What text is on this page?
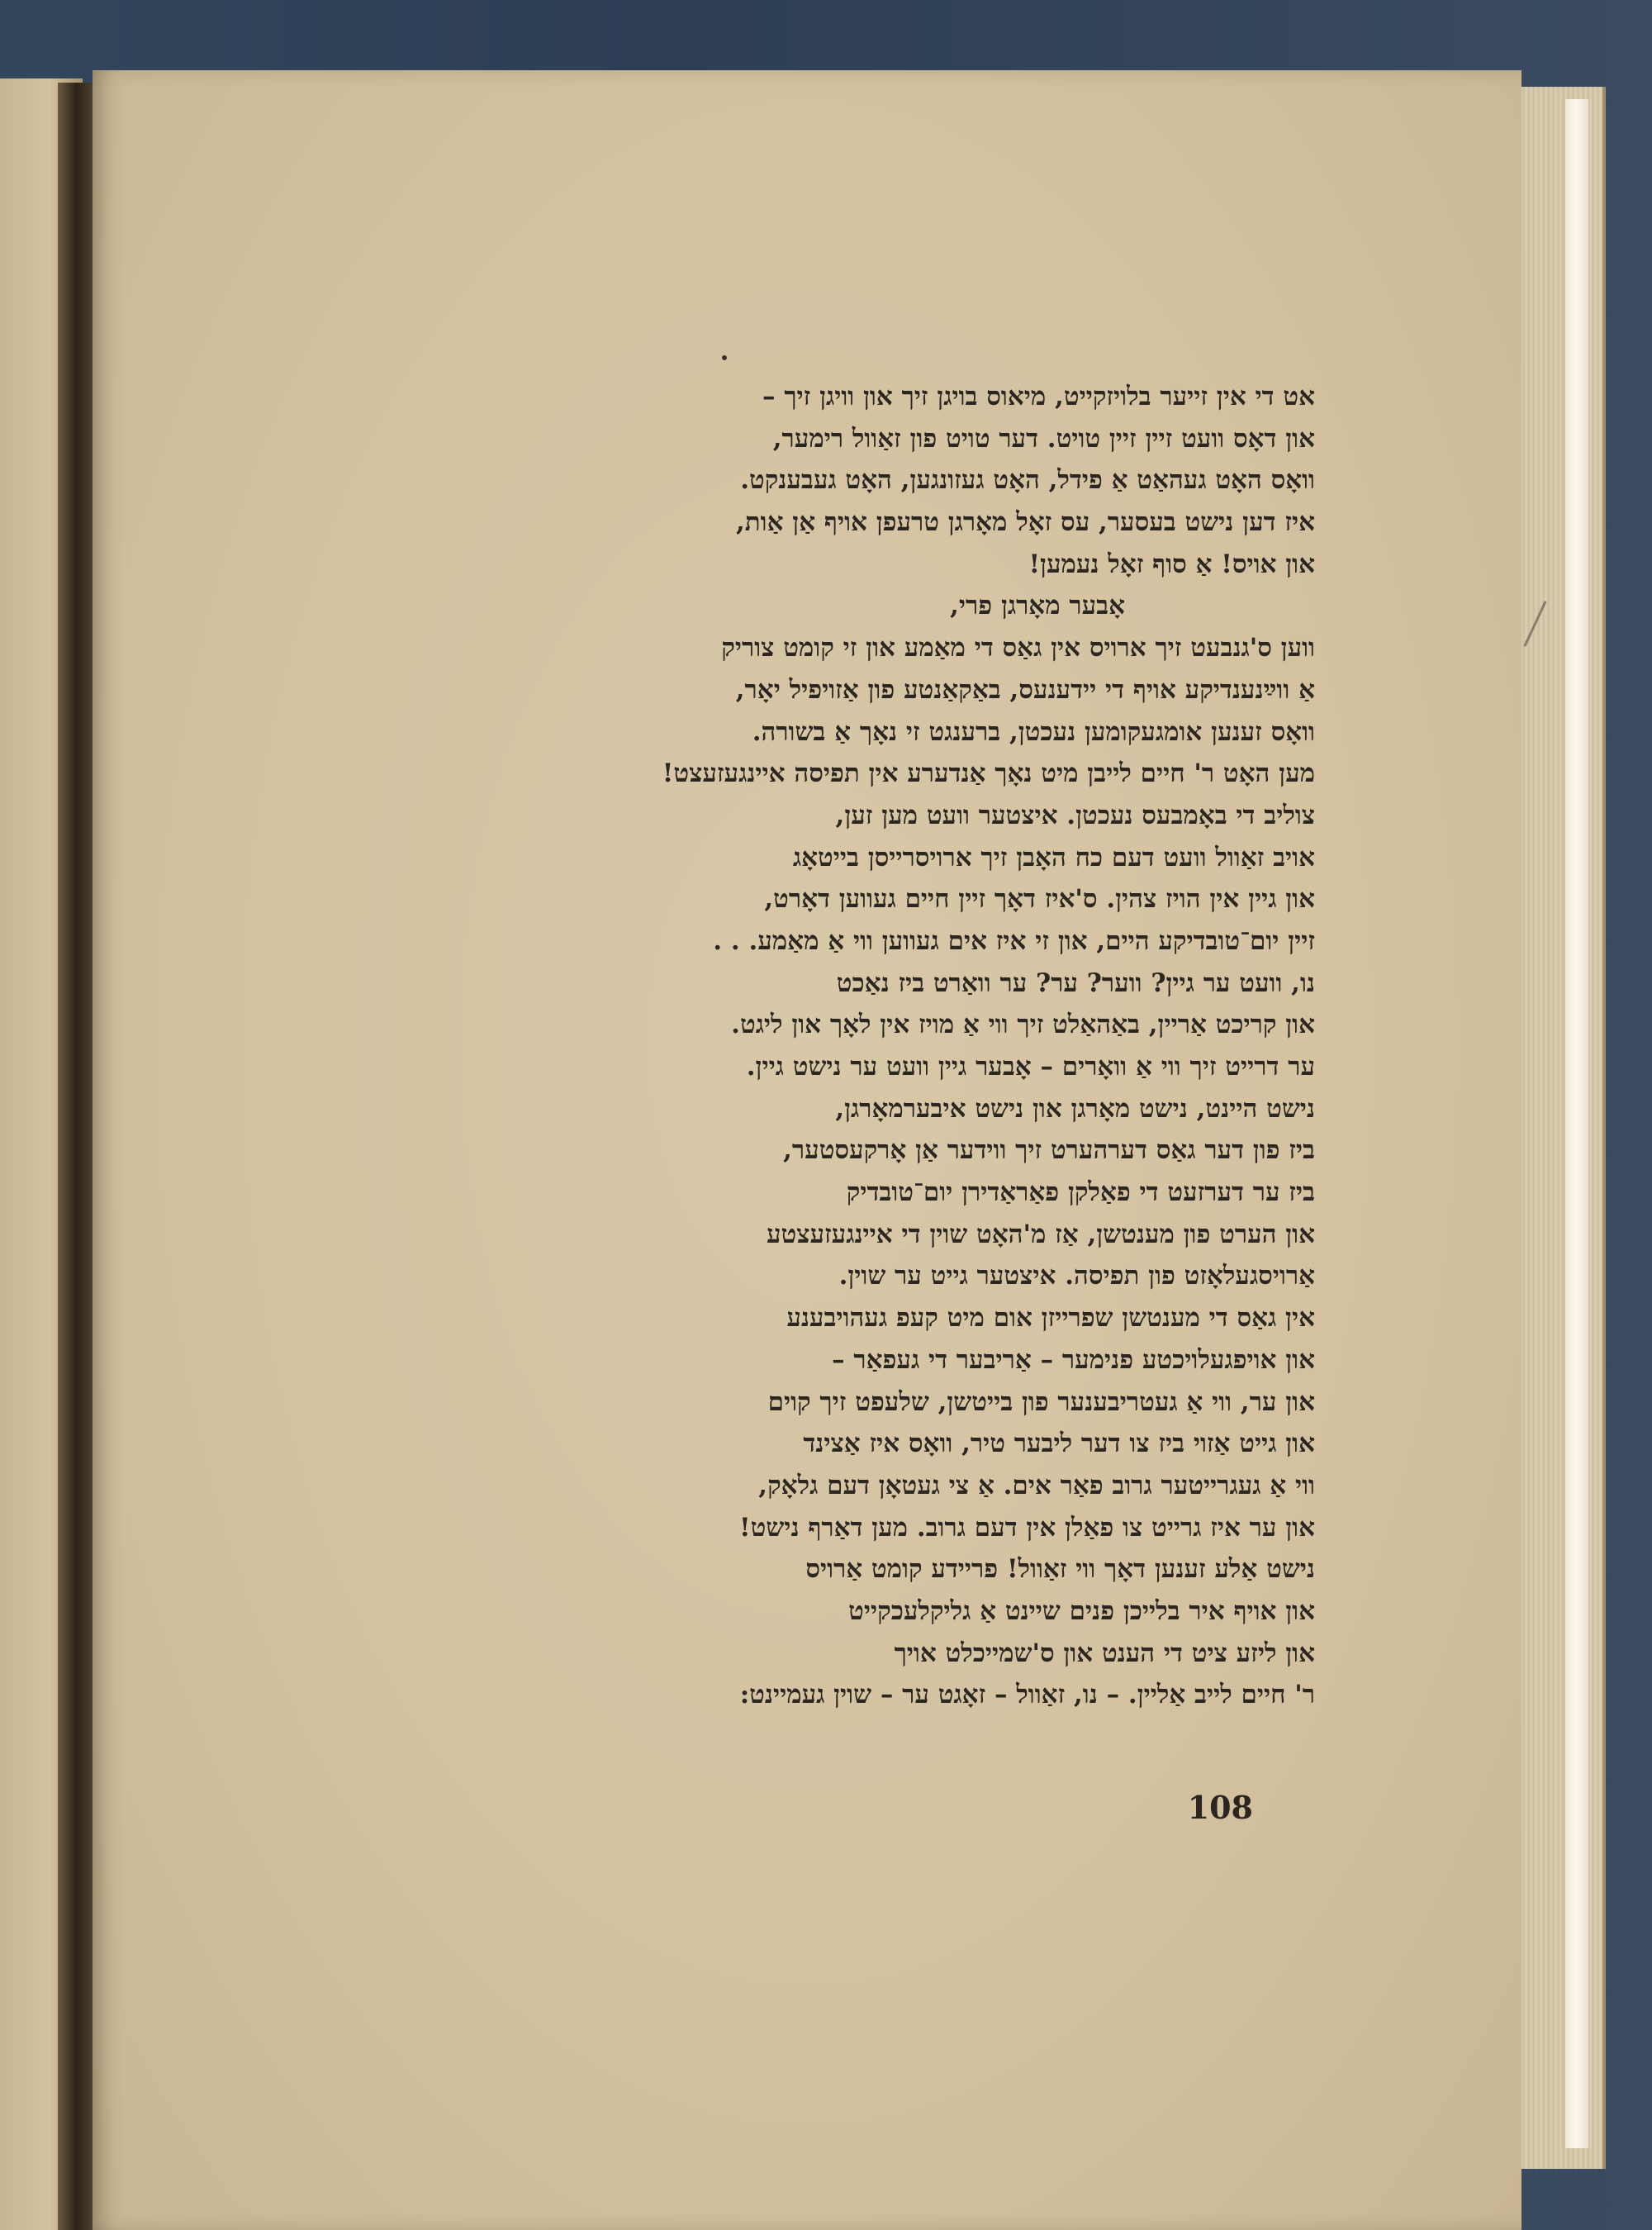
אט די אין זייער בלויזקייט, מיאוס בויגן זיך און וויגן זיך –
און דאָס וועט זיין זיין טויט. דער טויט פון זאַוול רימער,
וואָס האָט געהאַט אַ פידל, האָט געזונגען, האָט געבענקט.
איז דען נישט בעסער, עס זאָל מאָרגן טרעפן אויף אַן אַות,
און אויס! אַ סוף זאָל נעמען!
אָבער מאָרגן פרי,
ווען ס'גנבעט זיך ארויס אין גאַס די מאַמע און זי קומט צוריק
אַ ווײַנענדיקע אויף די יידענעס, באַקאַנטע פון אַזויפיל יאָר,
וואָס זענען אומגעקומען נעכטן, ברענגט זי נאָך אַ בשורה.
מען האָט ר' חיים לייבן מיט נאָך אַנדערע אין תפיסה איינגעזעצט!
צוליב די באָמבעס נעכטן. איצטער וועט מען זען,
אויב זאַוול וועט דעם כח האָבן זיך ארויסרייסן בייטאָג
און גיין אין הויז צהין. ס'איז דאָך זיין חיים געווען דאָרט,
זיין יום־טובדיקע היים, און זי איז אים געווען ווי אַ מאַמע. . .
נו, וועט ער גיין? ווער? ער? ער וואַרט ביז נאַכט
און קריכט אַריין, באַהאַלט זיך ווי אַ מויז אין לאָך און ליגט.
ער דרייט זיך ווי אַ וואָרים – אָבער גיין וועט ער נישט גיין.
נישט היינט, נישט מאָרגן און נישט איבערמאָרגן,
ביז פון דער גאַס דערהערט זיך ווידער אַן אָרקעסטער,
ביז ער דערזעט די פאַלקן פאַראַדירן יום־טובדיק
און הערט פון מענטשן, אַז מ'האָט שוין די איינגעזעצטע
אַרויסגעלאָזט פון תפיסה. איצטער גייט ער שוין.
אין גאַס די מענטשן שפרייזן אום מיט קעפ געהויבענע
און אויפגעלויכטע פנימער – אַריבער די געפאַר –
און ער, ווי אַ געטריבענער פון בייטשן, שלעפט זיך קוים
און גייט אַזוי ביז צו דער ליבער טיר, וואָס איז אַצינד
ווי אַ געגרייטער גרוב פאַר אים. אַ צי געטאָן דעם גלאָק,
און ער איז גרייט צו פאַלן אין דעם גרוב. מען דאַרף נישט!
נישט אַלע זענען דאָך ווי זאַוול! פריידע קומט אַרויס
און אויף איר בלייכן פנים שיינט אַ גליקלעכקייט
און ליזע ציט די הענט און ס'שמייכלט אויך
ר' חיים לייב אַליין. – נו, זאַוול – זאָגט ער – שוין געמיינט:
108
